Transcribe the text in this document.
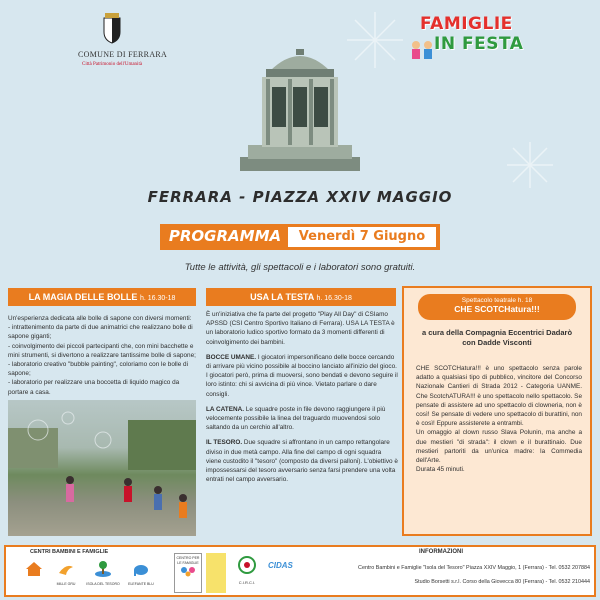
COMUNE DI FERRARA
Città Patrimonio dell'Umanità
FAMIGLIE
IN FESTA
FERRARA - PIAZZA XXIV MAGGIO
PROGRAMMA	Venerdì 7 Giugno
Tutte le attività, gli spettacoli e i laboratori sono gratuiti.
LA MAGIA DELLE BOLLE h. 16.30-18
Un'esperienza dedicata alle bolle di sapone con diversi momenti:
- intrattenimento da parte di due animatrici che realizzano bolle di sapone giganti;
- coinvolgimento dei piccoli partecipanti che, con mini bacchette e mini strumenti, si divertono a realizzare tantissime bolle di sapone;
- laboratorio creativo "bubble painting", coloriamo con le bolle di sapone;
- laboratorio per realizzare una boccetta di liquido magico da portare a casa.
USA LA TESTA h. 16.30-18

È un'iniziativa che fa parte del progetto "Play All Day" di CSIamo APSSD (CSI Centro Sportivo Italiano di Ferrara). USA LA TESTA è un laboratorio ludico sportivo formato da 3 momenti differenti di coinvolgimento dei bambini.

BOCCE UMANE. I giocatori impersonificano delle bocce cercando di arrivare più vicino possibile al boccino lanciato all'inizio del gioco. I giocatori però, prima di muoversi, sono bendati e devono seguire il loro istinto: chi si avvicina di più vince. Vietato parlare o dare consigli.

LA CATENA. Le squadre poste in file devono raggiungere il più velocemente possibile la linea del traguardo muovendosi solo saltando da un cerchio all'altro.

IL TESORO. Due squadre si affrontano in un campo rettangolare diviso in due metà campo. Alla fine del campo di ogni squadra viene custodito il "tesoro" (composto da diversi palloni). L'obiettivo è impossessarsi del tesoro avversario senza farsi prendere una volta entrati nel campo avversario.

Spettacolo teatrale h. 18
CHE SCOTCHatura!!!
a cura della Compagnia Eccentrici Dadarò
con Dadde Visconti
CHE SCOTCHatura!!! è uno spettacolo senza parole adatto a qualsiasi tipo di pubblico, vincitore del Concorso Nazionale Cantieri di Strada 2012 - Categoria UANME. Che ScotchATURA!!! è uno spettacolo nello spettacolo. Se pensate di assistere ad uno spettacolo di clowneria, non è così! Se pensate di vedere uno spettacolo di burattini, non è così! Eppure assisterete a entrambi.
Un omaggio al clown russo Slava Polunin, ma anche a due mestieri "di strada": il clown e il burattinaio. Due mestieri partoriti da un'unica madre: la Commedia dell'Arte.
Durata 45 minuti.
CENTRI BAMBINI E FAMIGLIE
MILLE GRU	ISOLA DEL TESORO	ELEFANTE BLU
CENTRO PER LE FAMIGLIE
C.I.R.C.I.
CIDAS
INFORMAZIONI
Centro Bambini e Famiglie "Isola del Tesoro" Piazza XXIV Maggio, 1 (Ferrara) - Tel. 0532 207884
Studio Borsetti s.r.l. Corso della Giovecca 80 (Ferrara) - Tel. 0532 210444
